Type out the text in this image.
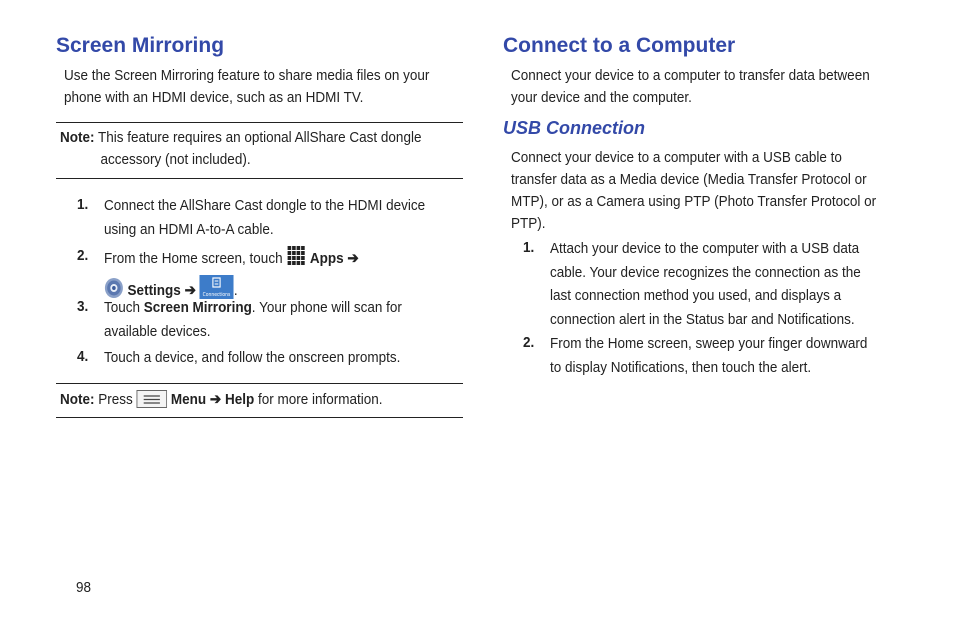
Screen Mirroring
Use the Screen Mirroring feature to share media files on your
phone with an HDMI device, such as an HDMI TV.
Note: This feature requires an optional AllShare Cast dongle
accessory (not included).
1. Connect the AllShare Cast dongle to the HDMI device
using an HDMI A-to-A cable.
2. From the Home screen, touch Apps ➔
Settings ➔ Connections .
3. Touch Screen Mirroring. Your phone will scan for
available devices.
4. Touch a device, and follow the onscreen prompts.
Note: Press	Menu ➔ Help for more information.
Connect to a Computer
Connect your device to a computer to transfer data between
your device and the computer.
USB Connection
Connect your device to a computer with a USB cable to
transfer data as a Media device (Media Transfer Protocol or
MTP), or as a Camera using PTP (Photo Transfer Protocol or
PTP).
1. Attach your device to the computer with a USB data
cable. Your device recognizes the connection as the
last connection method you used, and displays a
connection alert in the Status bar and Notifications.
2. From the Home screen, sweep your finger downward
to display Notifications, then touch the alert.
98
